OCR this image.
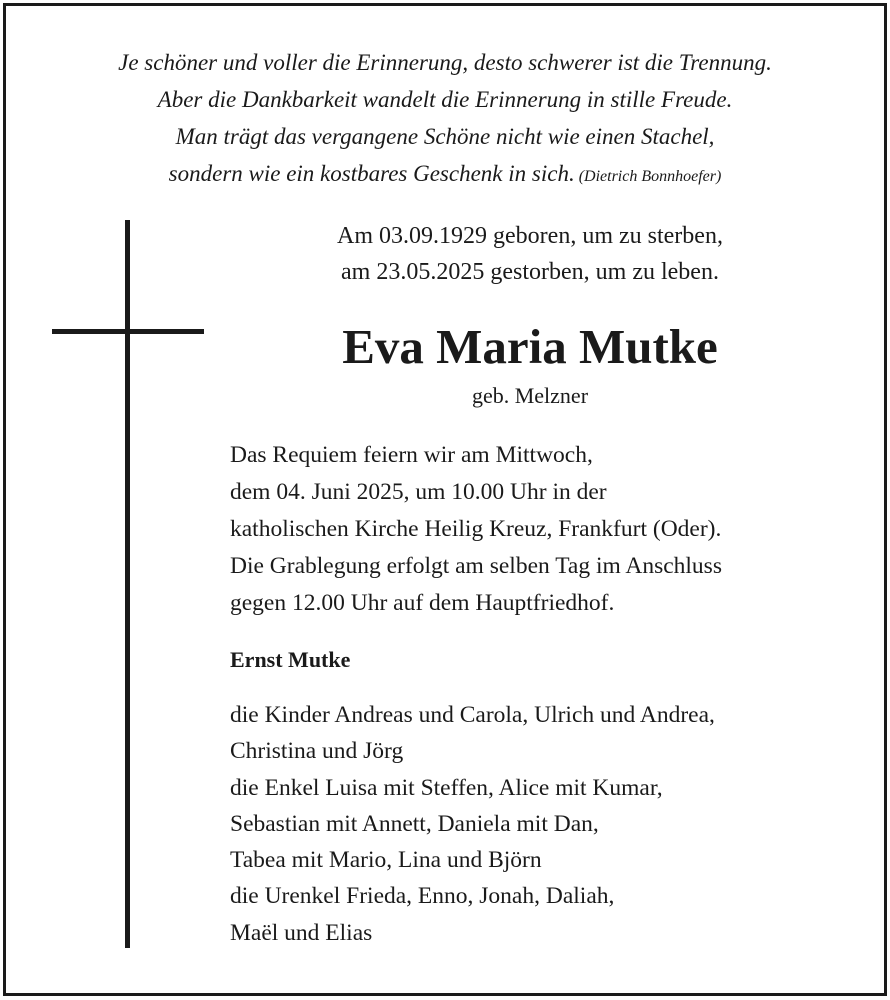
Je schöner und voller die Erinnerung, desto schwerer ist die Trennung.
Aber die Dankbarkeit wandelt die Erinnerung in stille Freude.
Man trägt das vergangene Schöne nicht wie einen Stachel,
sondern wie ein kostbares Geschenk in sich. (Dietrich Bonnhoefer)
Am 03.09.1929 geboren, um zu sterben,
am 23.05.2025 gestorben, um zu leben.
Eva Maria Mutke
geb. Melzner
Das Requiem feiern wir am Mittwoch,
dem 04. Juni 2025, um 10.00 Uhr in der
katholischen Kirche Heilig Kreuz, Frankfurt (Oder).
Die Grablegung erfolgt am selben Tag im Anschluss
gegen 12.00 Uhr auf dem Hauptfriedhof.
Ernst Mutke
die Kinder Andreas und Carola, Ulrich und Andrea,
Christina und Jörg
die Enkel Luisa mit Steffen, Alice mit Kumar,
Sebastian mit Annett, Daniela mit Dan,
Tabea mit Mario, Lina und Björn
die Urenkel Frieda, Enno, Jonah, Daliah,
Maël und Elias
